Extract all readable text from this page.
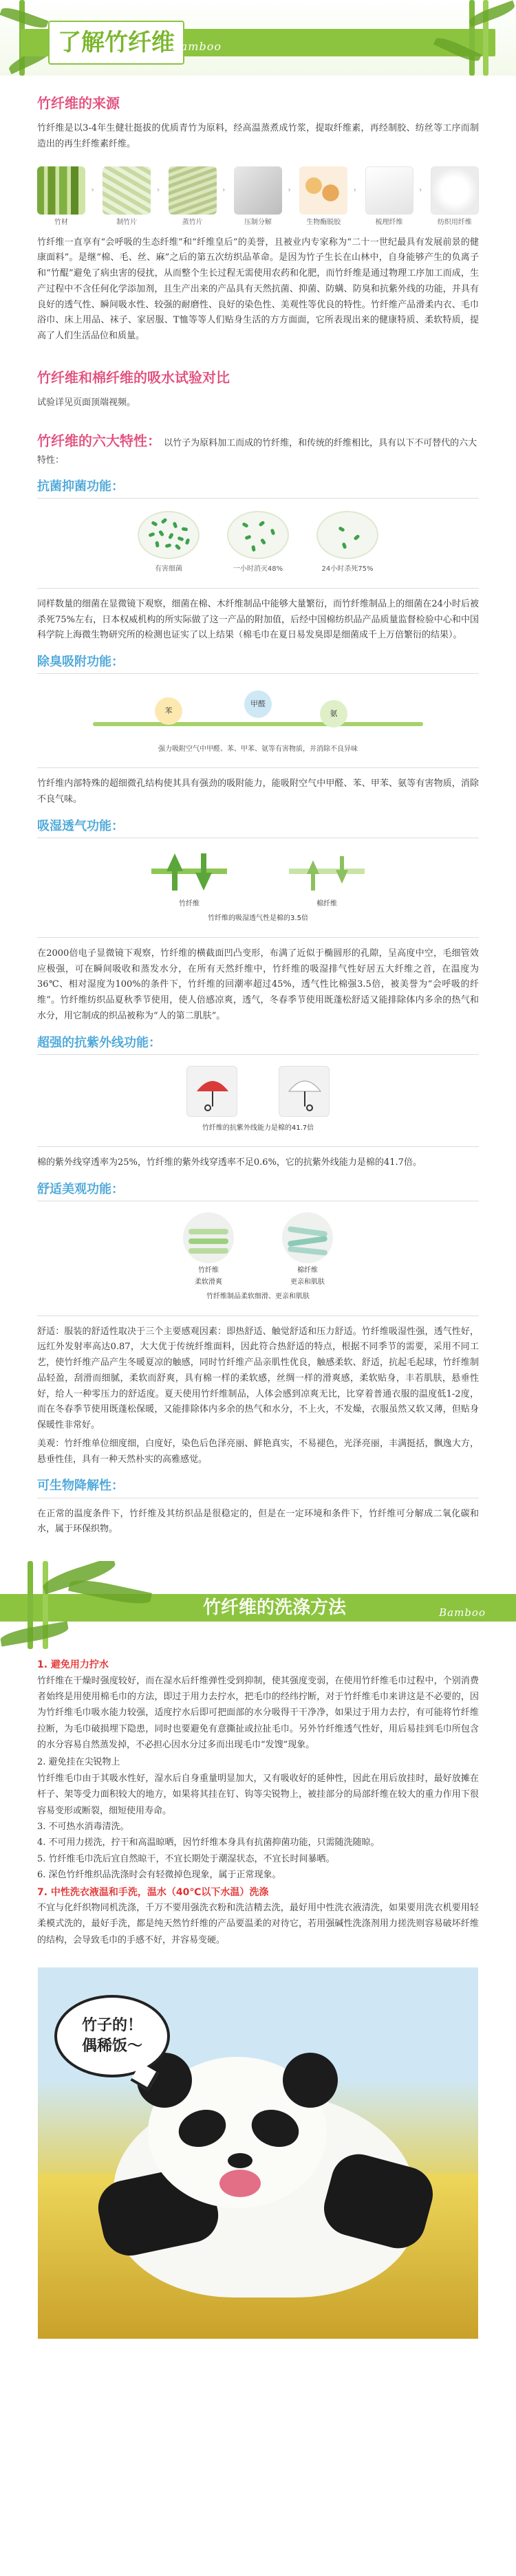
了解竹纤维
Bamboo
竹纤维的来源

竹纤维是以3-4年生健壮挺拔的优质青竹为原料，经高温蒸煮成竹浆，提取纤维素，再经制胶、纺丝等工序而制造出的再生纤维素纤维。

竹材
›
制竹片
›
蒸竹片
›
压制分解
›
生物酶脱胶
›
梳理纤维
›
纺织用纤维

竹纤维一直享有“会呼吸的生态纤维”和“纤维皇后”的美誉，且被业内专家称为“二十一世纪最具有发展前景的健康面料”。是继“棉、毛、丝、麻”之后的第五次纺织品革命。是因为竹子生长在山林中，自身能够产生的负离子和“竹醌”避免了病虫害的侵扰，从而整个生长过程无需使用农药和化肥，而竹纤维是通过物理工序加工而成，生产过程中不含任何化学添加剂，且生产出来的产品具有天然抗菌、抑菌、防螨、防臭和抗紫外线的功能，并具有良好的透气性、瞬间吸水性、较强的耐磨性、良好的染色性、美观性等优良的特性。竹纤维产品滑柔内衣、毛巾浴巾、床上用品、袜子、家居服、T恤等等人们贴身生活的方方面面，它所表现出来的健康特质、柔软特质，提高了人们生活品位和质量。

竹纤维和棉纤维的吸水试验对比

试验详见页面顶端视频。

竹纤维的六大特性： 以竹子为原料加工而成的竹纤维，和传统的纤维相比，具有以下不可替代的六大特性：
抗菌抑菌功能：
有害细菌	一小时消灭48%	24小时杀死75%

同样数量的细菌在显微镜下观察，细菌在棉、木纤维制品中能够大量繁衍，而竹纤维制品上的细菌在24小时后被杀死75%左右，日本权威机构的所实际做了这一产品的附加值，后经中国棉纺织品产品质量监督检验中心和中国科学院上海微生物研究所的检测也证实了以上结果（棉毛巾在夏日易发臭即是细菌成千上万倍繁衍的结果）。

除臭吸附功能：
苯
甲醛
氨
强力吸附空气中甲醛、苯、甲苯、氨等有害物质，并消除不良异味

竹纤维内部特殊的超细微孔结构使其具有强劲的吸附能力，能吸附空气中甲醛、苯、甲苯、氨等有害物质，消除不良气味。

吸湿透气功能：
竹纤维	棉纤维
竹纤维的吸湿透气性是棉的3.5倍

在2000倍电子显微镜下观察，竹纤维的横截面凹凸变形，布满了近似于椭圆形的孔隙，呈高度中空，毛细管效应极强，可在瞬间吸收和蒸发水分，在所有天然纤维中，竹纤维的吸湿排气性好居五大纤维之首，在温度为36℃、相对湿度为100%的条件下，竹纤维的回潮率超过45%，透气性比棉强3.5倍，被美誉为“会呼吸的纤维”。竹纤维纺织品夏秋季节使用，使人倍感凉爽，透气，冬春季节使用既蓬松舒适又能排除体内多余的热气和水分，用它制成的织品被称为“人的第二肌肤”。

超强的抗紫外线功能：
竹纤维的抗紫外线能力是棉的41.7倍

棉的紫外线穿透率为25%，竹纤维的紫外线穿透率不足0.6%，它的抗紫外线能力是棉的41.7倍。

舒适美观功能：
竹纤维
柔软滑爽
棉纤维
更亲和肌肤
竹纤维制品柔软细滑、更亲和肌肤

舒适：服装的舒适性取决于三个主要感观因素：即热舒适、触觉舒适和压力舒适。竹纤维吸湿性强，透气性好，远红外发射率高达0.87，大大优于传统纤维面料，因此符合热舒适的特点，根据不同季节的需要，采用不同工艺，使竹纤维产品产生冬暖夏凉的触感，同时竹纤维产品亲肌性优良，触感柔软、舒适，抗起毛起球，竹纤维制品轻盈，刮滑而细腻，柔软而舒爽，具有棉一样的柔软感，丝绸一样的滑爽感，柔软贴身，丰若肌肤，悬垂性好，给人一种零压力的舒适度。夏天使用竹纤维制品，人体会感到凉爽无比，比穿着普通衣服的温度低1-2度，而在冬春季节使用既蓬松保暖，又能排除体内多余的热气和水分，不上火，不发燥，衣服虽然又软又薄，但贴身保暖性非常好。

美观：竹纤维单位细度细，白度好，染色后色泽亮丽、鲜艳真实，不易褪色，光泽亮丽，丰满挺括，飘逸大方，悬垂性佳，具有一种天然朴实的高雅感觉。

可生物降解性：

在正常的温度条件下，竹纤维及其纺织品是很稳定的，但是在一定环境和条件下，竹纤维可分解成二氧化碳和水，属于环保织物。

竹纤维的洗涤方法	Bamboo
1. 避免用力拧水

竹纤维在干燥时强度较好，而在湿水后纤维弹性受到抑制，使其强度变弱，在使用竹纤维毛巾过程中，个别消费者始终是用使用棉毛巾的方法，即过于用力去拧水，把毛巾的经纬拧断，对于竹纤维毛巾来讲这是不必要的，因为竹纤维毛巾吸水能力较强，适度拧水后即可把面部的水分吸得干干净净，如果过于用力去拧，有可能将竹纤维拉断，为毛巾破损埋下隐患，同时也要避免有意撕扯或拉扯毛巾。另外竹纤维透气性好，用后易挂到毛巾所包含的水分容易自然蒸发掉，不必担心因水分过多而出现毛巾“发馊”现象。

2. 避免挂在尖锐物上

竹纤维毛巾由于其吸水性好，湿水后自身重量明显加大，又有吸收好的延伸性，因此在用后放挂时，最好放摊在杆子、架等受力面积较大的地方，如果将其挂在钉、钩等尖锐物上，被挂部分的局部纤维在较大的重力作用下很容易变形或断裂，细短使用寿命。

3. 不可热水消毒清洗。

4. 不可用力搓洗，拧干和高温晾晒，因竹纤维本身具有抗菌抑菌功能，只需随洗随晾。

5. 竹纤维毛巾洗后宜自然晾干，不宜长期处于潮湿状态，不宜长时间暴晒。

6. 深色竹纤维织品洗涤时会有轻微掉色现象，属于正常现象。

7. 中性洗衣液温和手洗，温水（40℃以下水温）洗涤

不宜与化纤织物同机洗涤，千万不要用强洗衣粉和洗洁精去洗，最好用中性洗衣液清洗，如果要用洗衣机要用轻柔模式洗的，最好手洗，都是纯天然竹纤维的产品要温柔的对待它，若用强碱性洗涤剂用力搓洗则容易破坏纤维的结构，会导致毛巾的手感不好，并容易变硬。

竹子的！
偶稀饭～
